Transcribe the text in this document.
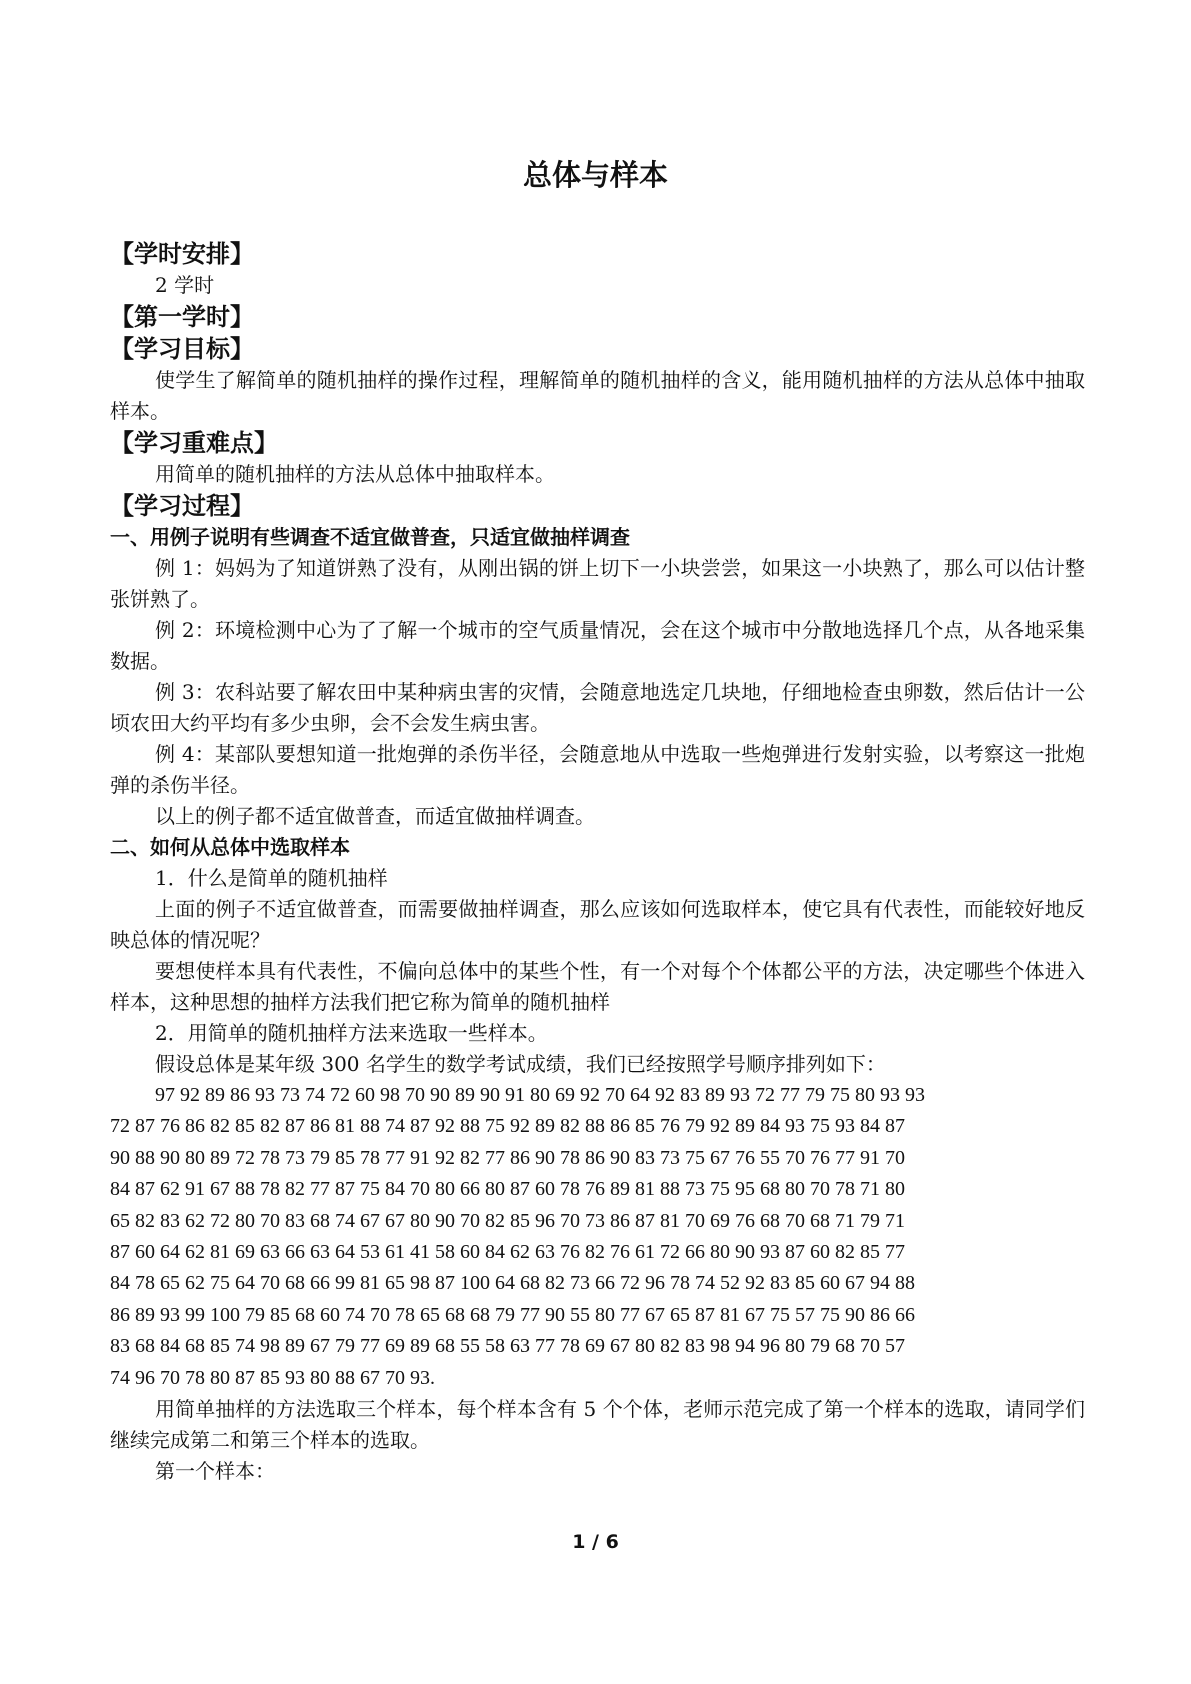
总体与样本
【学时安排】
2 学时
【第一学时】
【学习目标】
使学生了解简单的随机抽样的操作过程，理解简单的随机抽样的含义，能用随机抽样的方法从总体中抽取样本。
【学习重难点】
用简单的随机抽样的方法从总体中抽取样本。
【学习过程】
一、用例子说明有些调查不适宜做普查，只适宜做抽样调查
例 1：妈妈为了知道饼熟了没有，从刚出锅的饼上切下一小块尝尝，如果这一小块熟了，那么可以估计整张饼熟了。
例 2：环境检测中心为了了解一个城市的空气质量情况，会在这个城市中分散地选择几个点，从各地采集数据。
例 3：农科站要了解农田中某种病虫害的灾情，会随意地选定几块地，仔细地检查虫卵数，然后估计一公顷农田大约平均有多少虫卵，会不会发生病虫害。
例 4：某部队要想知道一批炮弹的杀伤半径，会随意地从中选取一些炮弹进行发射实验，以考察这一批炮弹的杀伤半径。
以上的例子都不适宜做普查，而适宜做抽样调查。
二、如何从总体中选取样本
1．什么是简单的随机抽样
上面的例子不适宜做普查，而需要做抽样调查，那么应该如何选取样本，使它具有代表性，而能较好地反映总体的情况呢？
要想使样本具有代表性，不偏向总体中的某些个性，有一个对每个个体都公平的方法，决定哪些个体进入样本，这种思想的抽样方法我们把它称为简单的随机抽样
2．用简单的随机抽样方法来选取一些样本。
假设总体是某年级 300 名学生的数学考试成绩，我们已经按照学号顺序排列如下：
97 92 89 86 93 73 74 72 60 98 70 90 89 90 91 80 69 92 70 64 92 83 89 93 72 77 79 75 80 93 93
72 87 76 86 82 85 82 87 86 81 88 74 87 92 88 75 92 89 82 88 86 85 76 79 92 89 84 93 75 93 84 87
90 88 90 80 89 72 78 73 79 85 78 77 91 92 82 77 86 90 78 86 90 83 73 75 67 76 55 70 76 77 91 70
84 87 62 91 67 88 78 82 77 87 75 84 70 80 66 80 87 60 78 76 89 81 88 73 75 95 68 80 70 78 71 80
65 82 83 62 72 80 70 83 68 74 67 67 80 90 70 82 85 96 70 73 86 87 81 70 69 76 68 70 68 71 79 71
87 60 64 62 81 69 63 66 63 64 53 61 41 58 60 84 62 63 76 82 76 61 72 66 80 90 93 87 60 82 85 77
84 78 65 62 75 64 70 68 66 99 81 65 98 87 100 64 68 82 73 66 72 96 78 74 52 92 83 85 60 67 94 88
86 89 93 99 100 79 85 68 60 74 70 78 65 68 68 79 77 90 55 80 77 67 65 87 81 67 75 57 75 90 86 66
83 68 84 68 85 74 98 89 67 79 77 69 89 68 55 58 63 77 78 69 67 80 82 83 98 94 96 80 79 68 70 57
74 96 70 78 80 87 85 93 80 88 67 70 93.
用简单抽样的方法选取三个样本，每个样本含有 5 个个体，老师示范完成了第一个样本的选取，请同学们继续完成第二和第三个样本的选取。
第一个样本：
1 / 6
